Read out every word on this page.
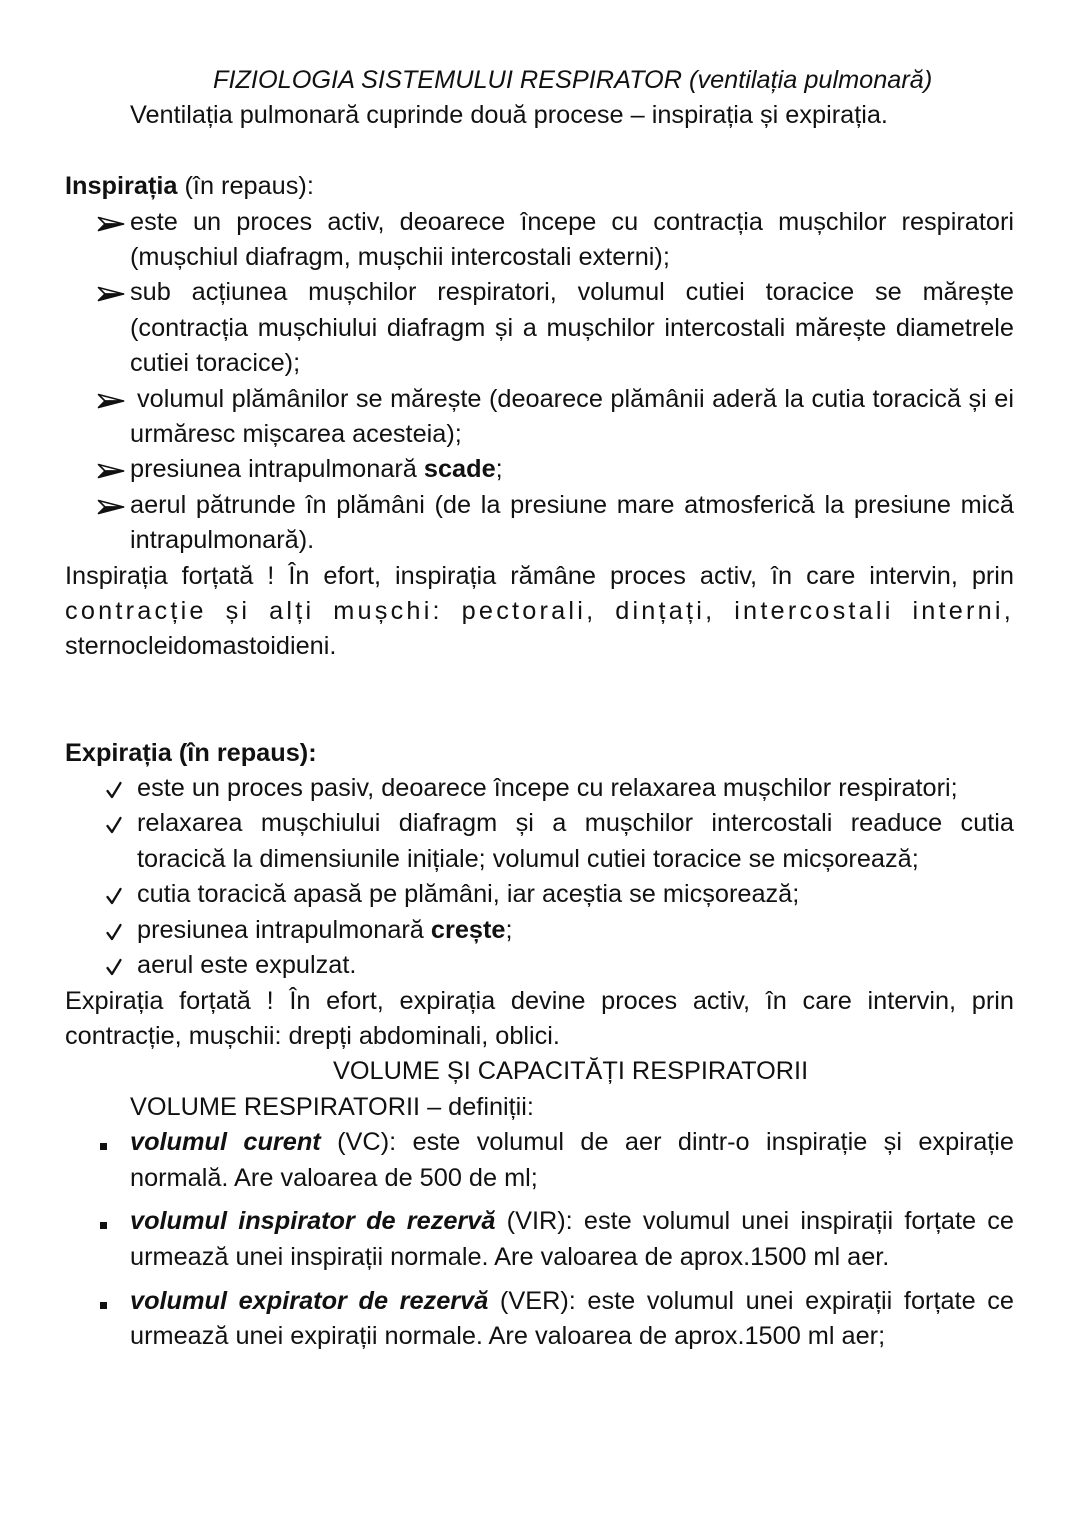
FIZIOLOGIA SISTEMULUI RESPIRATOR (ventilația pulmonară)
Ventilația pulmonară cuprinde două procese – inspirația și expirația.
Inspirația (în repaus):
este un proces activ, deoarece începe cu contracția mușchilor respiratori
(mușchiul diafragm, mușchii intercostali externi);
sub acțiunea mușchilor respiratori, volumul cutiei toracice se mărește
(contracția mușchiului diafragm și a mușchilor intercostali mărește diametrele
cutiei toracice);
volumul plămânilor se mărește (deoarece plămânii aderă la cutia toracică și ei
urmăresc mișcarea acesteia);
presiunea intrapulmonară scade;
aerul pătrunde în plămâni (de la presiune mare atmosferică la presiune mică
intrapulmonară).
Inspirația forțată ! În efort, inspirația rămâne proces activ, în care intervin, prin
contracție și alți mușchi: pectorali, dințați, intercostali interni,
sternocleidomastoidieni.
Expirația (în repaus):
este un proces pasiv, deoarece începe cu relaxarea mușchilor respiratori;
relaxarea mușchiului diafragm și a mușchilor intercostali readuce cutia
toracică la dimensiunile inițiale; volumul cutiei toracice se micșorează;
cutia toracică apasă pe plămâni, iar aceștia se micșorează;
presiunea intrapulmonară crește;
aerul este expulzat.
Expirația forțată ! În efort, expirația devine proces activ, în care intervin, prin
contracție, mușchii: drepți abdominali, oblici.
VOLUME ȘI CAPACITĂȚI RESPIRATORII
VOLUME RESPIRATORII – definiții:
volumul curent (VC): este volumul de aer dintr-o inspirație și expirație
normală. Are valoarea de 500 de ml;
volumul inspirator de rezervă (VIR): este volumul unei inspirații forțate ce
urmează unei inspirații normale. Are valoarea de aprox.1500 ml aer.
volumul expirator de rezervă (VER): este volumul unei expirații forțate ce
urmează unei expirații normale. Are valoarea de aprox.1500 ml aer;
